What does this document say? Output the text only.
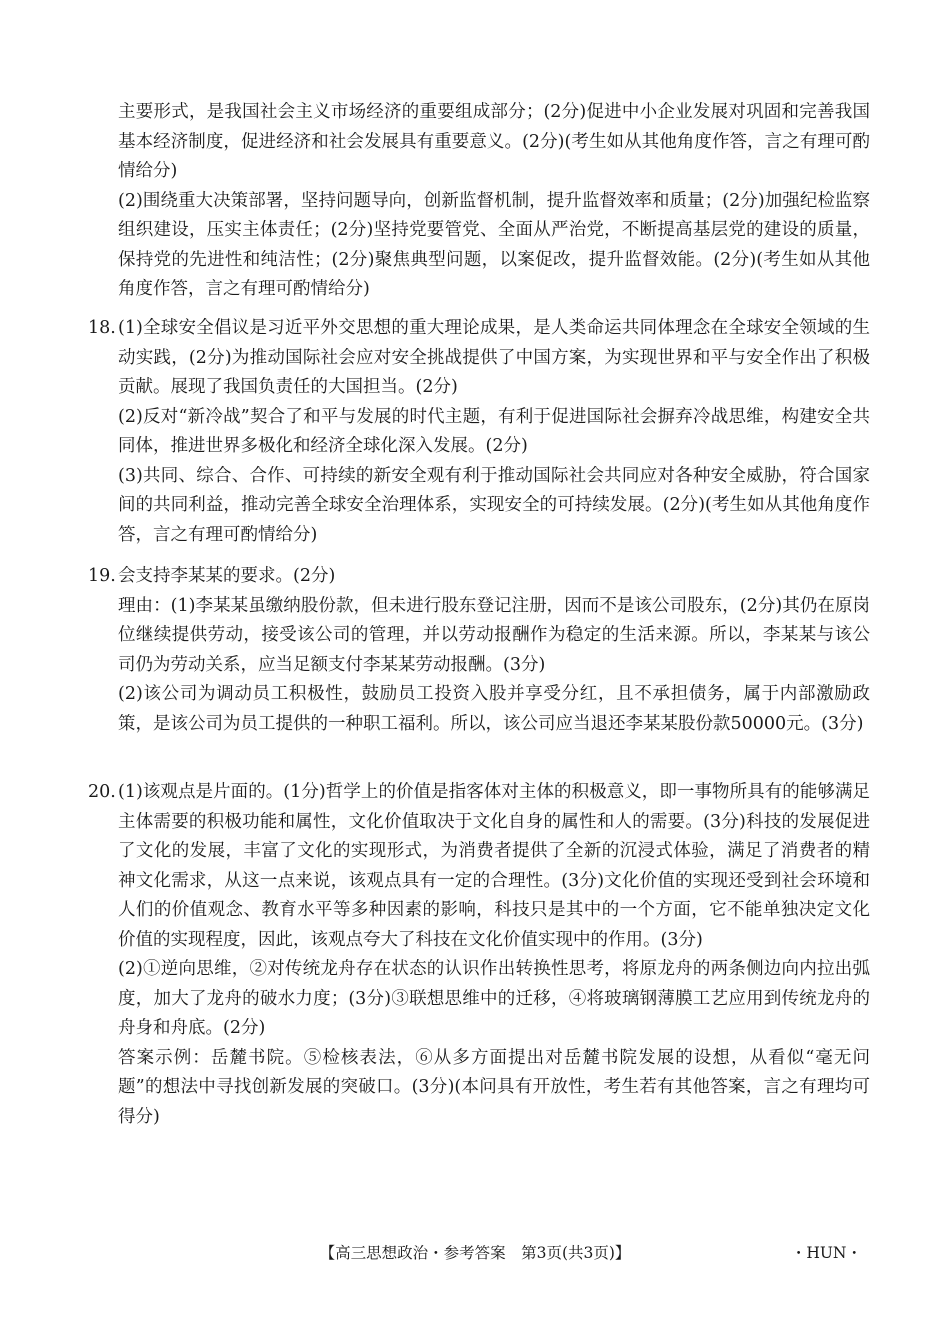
主要形式，是我国社会主义市场经济的重要组成部分；(2分)促进中小企业发展对巩固和完善我国基本经济制度，促进经济和社会发展具有重要意义。(2分)(考生如从其他角度作答，言之有理可酌情给分)

(2)围绕重大决策部署，坚持问题导向，创新监督机制，提升监督效率和质量；(2分)加强纪检监察组织建设，压实主体责任；(2分)坚持党要管党、全面从严治党，不断提高基层党的建设的质量，保持党的先进性和纯洁性；(2分)聚焦典型问题，以案促改，提升监督效能。(2分)(考生如从其他角度作答，言之有理可酌情给分)

18. (1)全球安全倡议是习近平外交思想的重大理论成果，是人类命运共同体理念在全球安全领域的生动实践，(2分)为推动国际社会应对安全挑战提供了中国方案，为实现世界和平与安全作出了积极贡献。展现了我国负责任的大国担当。(2分)

(2)反对“新冷战”契合了和平与发展的时代主题，有利于促进国际社会摒弃冷战思维，构建安全共同体，推进世界多极化和经济全球化深入发展。(2分)

(3)共同、综合、合作、可持续的新安全观有利于推动国际社会共同应对各种安全威胁，符合国家间的共同利益，推动完善全球安全治理体系，实现安全的可持续发展。(2分)(考生如从其他角度作答，言之有理可酌情给分)

19. 会支持李某某的要求。(2分)

理由：(1)李某某虽缴纳股份款，但未进行股东登记注册，因而不是该公司股东，(2分)其仍在原岗位继续提供劳动，接受该公司的管理，并以劳动报酬作为稳定的生活来源。所以，李某某与该公司仍为劳动关系，应当足额支付李某某劳动报酬。(3分)

(2)该公司为调动员工积极性，鼓励员工投资入股并享受分红，且不承担债务，属于内部激励政策，是该公司为员工提供的一种职工福利。所以，该公司应当退还李某某股份款50000元。(3分)

20. (1)该观点是片面的。(1分)哲学上的价值是指客体对主体的积极意义，即一事物所具有的能够满足主体需要的积极功能和属性，文化价值取决于文化自身的属性和人的需要。(3分)科技的发展促进了文化的发展，丰富了文化的实现形式，为消费者提供了全新的沉浸式体验，满足了消费者的精神文化需求，从这一点来说，该观点具有一定的合理性。(3分)文化价值的实现还受到社会环境和人们的价值观念、教育水平等多种因素的影响，科技只是其中的一个方面，它不能单独决定文化价值的实现程度，因此，该观点夸大了科技在文化价值实现中的作用。(3分)

(2)①逆向思维，②对传统龙舟存在状态的认识作出转换性思考，将原龙舟的两条侧边向内拉出弧度，加大了龙舟的破水力度；(3分)③联想思维中的迁移，④将玻璃钢薄膜工艺应用到传统龙舟的舟身和舟底。(2分)

答案示例：岳麓书院。⑤检核表法，⑥从多方面提出对岳麓书院发展的设想，从看似“毫无问题”的想法中寻找创新发展的突破口。(3分)(本问具有开放性，考生若有其他答案，言之有理均可得分)

【高三思想政治・参考答案　第3页(共3页)】	・HUN・
